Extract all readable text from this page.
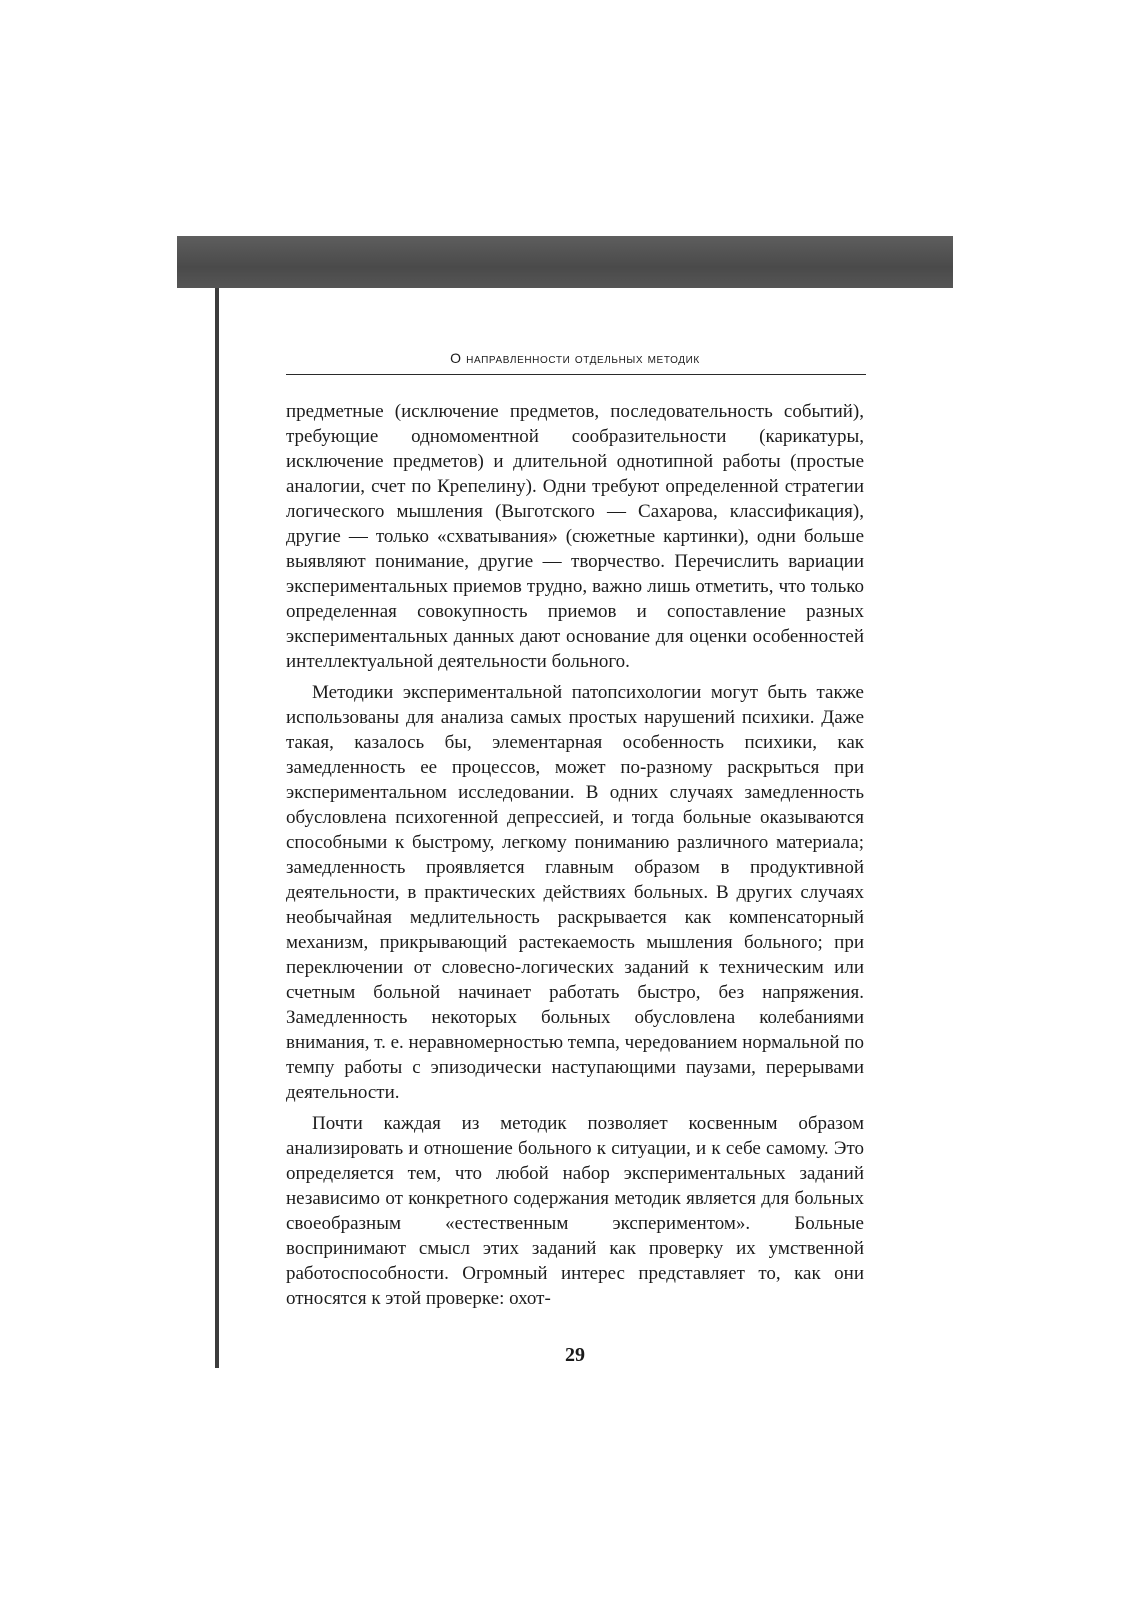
О направленности отдельных методик

предметные (исключение предметов, последовательность событий), требующие одномоментной сообразительности (карикатуры, исключение предметов) и длительной однотипной работы (простые аналогии, счет по Крепелину). Одни требуют определенной стратегии логического мышления (Выготского — Сахарова, классификация), другие — только «схватывания» (сюжетные картинки), одни больше выявляют понимание, другие — творчество. Перечислить вариации экспериментальных приемов трудно, важно лишь отметить, что только определенная совокупность приемов и сопоставление разных экспериментальных данных дают основание для оценки особенностей интеллектуальной деятельности больного.

Методики экспериментальной патопсихологии могут быть также использованы для анализа самых простых нарушений психики. Даже такая, казалось бы, элементарная особенность психики, как замедленность ее процессов, может по-разному раскрыться при экспериментальном исследовании. В одних случаях замедленность обусловлена психогенной депрессией, и тогда больные оказываются способными к быстрому, легкому пониманию различного материала; замедленность проявляется главным образом в продуктивной деятельности, в практических действиях больных. В других случаях необычайная медлительность раскрывается как компенсаторный механизм, прикрывающий растекаемость мышления больного; при переключении от словесно-логических заданий к техническим или счетным больной начинает работать быстро, без напряжения. Замедленность некоторых больных обусловлена колебаниями внимания, т. е. неравномерностью темпа, чередованием нормальной по темпу работы с эпизодически наступающими паузами, перерывами деятельности.

Почти каждая из методик позволяет косвенным образом анализировать и отношение больного к ситуации, и к себе самому. Это определяется тем, что любой набор экспериментальных заданий независимо от конкретного содержания методик является для больных своеобразным «естественным экспериментом». Больные воспринимают смысл этих заданий как проверку их умственной работоспособности. Огромный интерес представляет то, как они относятся к этой проверке: охот-

29
